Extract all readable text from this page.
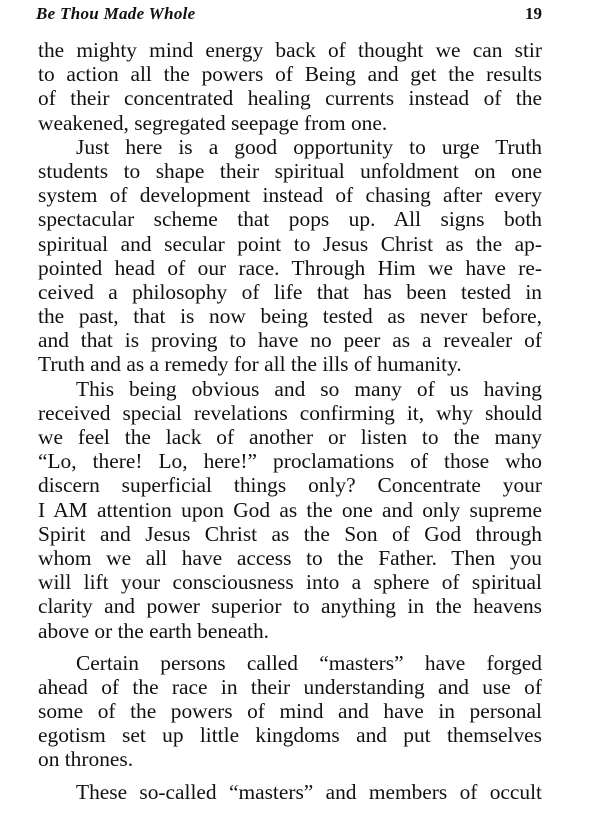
Be Thou Made Whole	19
the mighty mind energy back of thought we can stir
to action all the powers of Being and get the results
of their concentrated healing currents instead of the
weakened, segregated seepage from one.
Just here is a good opportunity to urge Truth
students to shape their spiritual unfoldment on one
system of development instead of chasing after every
spectacular scheme that pops up. All signs both
spiritual and secular point to Jesus Christ as the ap-
pointed head of our race. Through Him we have re-
ceived a philosophy of life that has been tested in
the past, that is now being tested as never before,
and that is proving to have no peer as a revealer of
Truth and as a remedy for all the ills of humanity.
This being obvious and so many of us having
received special revelations confirming it, why should
we feel the lack of another or listen to the many
“Lo, there! Lo, here!” proclamations of those who
discern superficial things only? Concentrate your
I AM attention upon God as the one and only supreme
Spirit and Jesus Christ as the Son of God through
whom we all have access to the Father. Then you
will lift your consciousness into a sphere of spiritual
clarity and power superior to anything in the heavens
above or the earth beneath.
Certain persons called “masters” have forged
ahead of the race in their understanding and use of
some of the powers of mind and have in personal
egotism set up little kingdoms and put themselves
on thrones.
These so-called “masters” and members of occult
